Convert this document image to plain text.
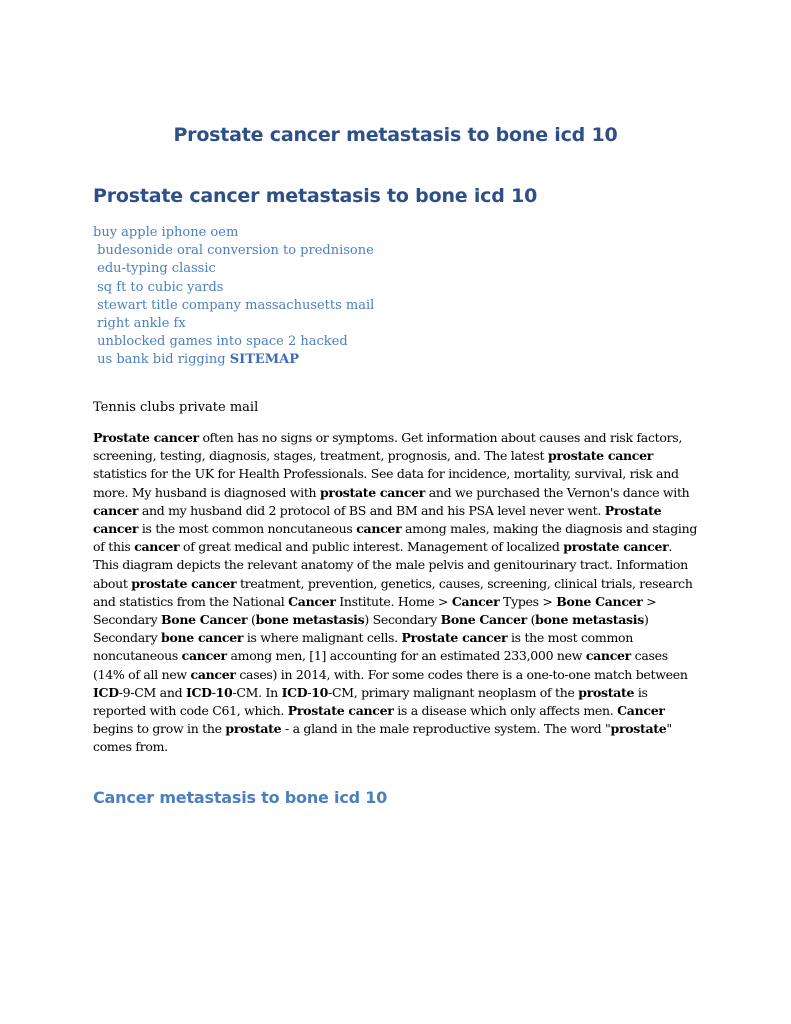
Prostate cancer metastasis to bone icd 10
Prostate cancer metastasis to bone icd 10
buy apple iphone oem
budesonide oral conversion to prednisone
edu-typing classic
sq ft to cubic yards
stewart title company massachusetts mail
right ankle fx
unblocked games into space 2 hacked
us bank bid rigging SITEMAP

Tennis clubs private mail

Prostate cancer often has no signs or symptoms. Get information about causes and risk factors, screening, testing, diagnosis, stages, treatment, prognosis, and. The latest prostate cancer statistics for the UK for Health Professionals. See data for incidence, mortality, survival, risk and more. My husband is diagnosed with prostate cancer and we purchased the Vernon's dance with cancer and my husband did 2 protocol of BS and BM and his PSA level never went. Prostate cancer is the most common noncutaneous cancer among males, making the diagnosis and staging of this cancer of great medical and public interest. Management of localized prostate cancer. This diagram depicts the relevant anatomy of the male pelvis and genitourinary tract. Information about prostate cancer treatment, prevention, genetics, causes, screening, clinical trials, research and statistics from the National Cancer Institute. Home > Cancer Types > Bone Cancer > Secondary Bone Cancer (bone metastasis) Secondary Bone Cancer (bone metastasis) Secondary bone cancer is where malignant cells. Prostate cancer is the most common noncutaneous cancer among men, [1] accounting for an estimated 233,000 new cancer cases (14% of all new cancer cases) in 2014, with. For some codes there is a one-to-one match between ICD-9-CM and ICD-10-CM. In ICD-10-CM, primary malignant neoplasm of the prostate is reported with code C61, which. Prostate cancer is a disease which only affects men. Cancer begins to grow in the prostate - a gland in the male reproductive system. The word "prostate" comes from.

Cancer metastasis to bone icd 10
